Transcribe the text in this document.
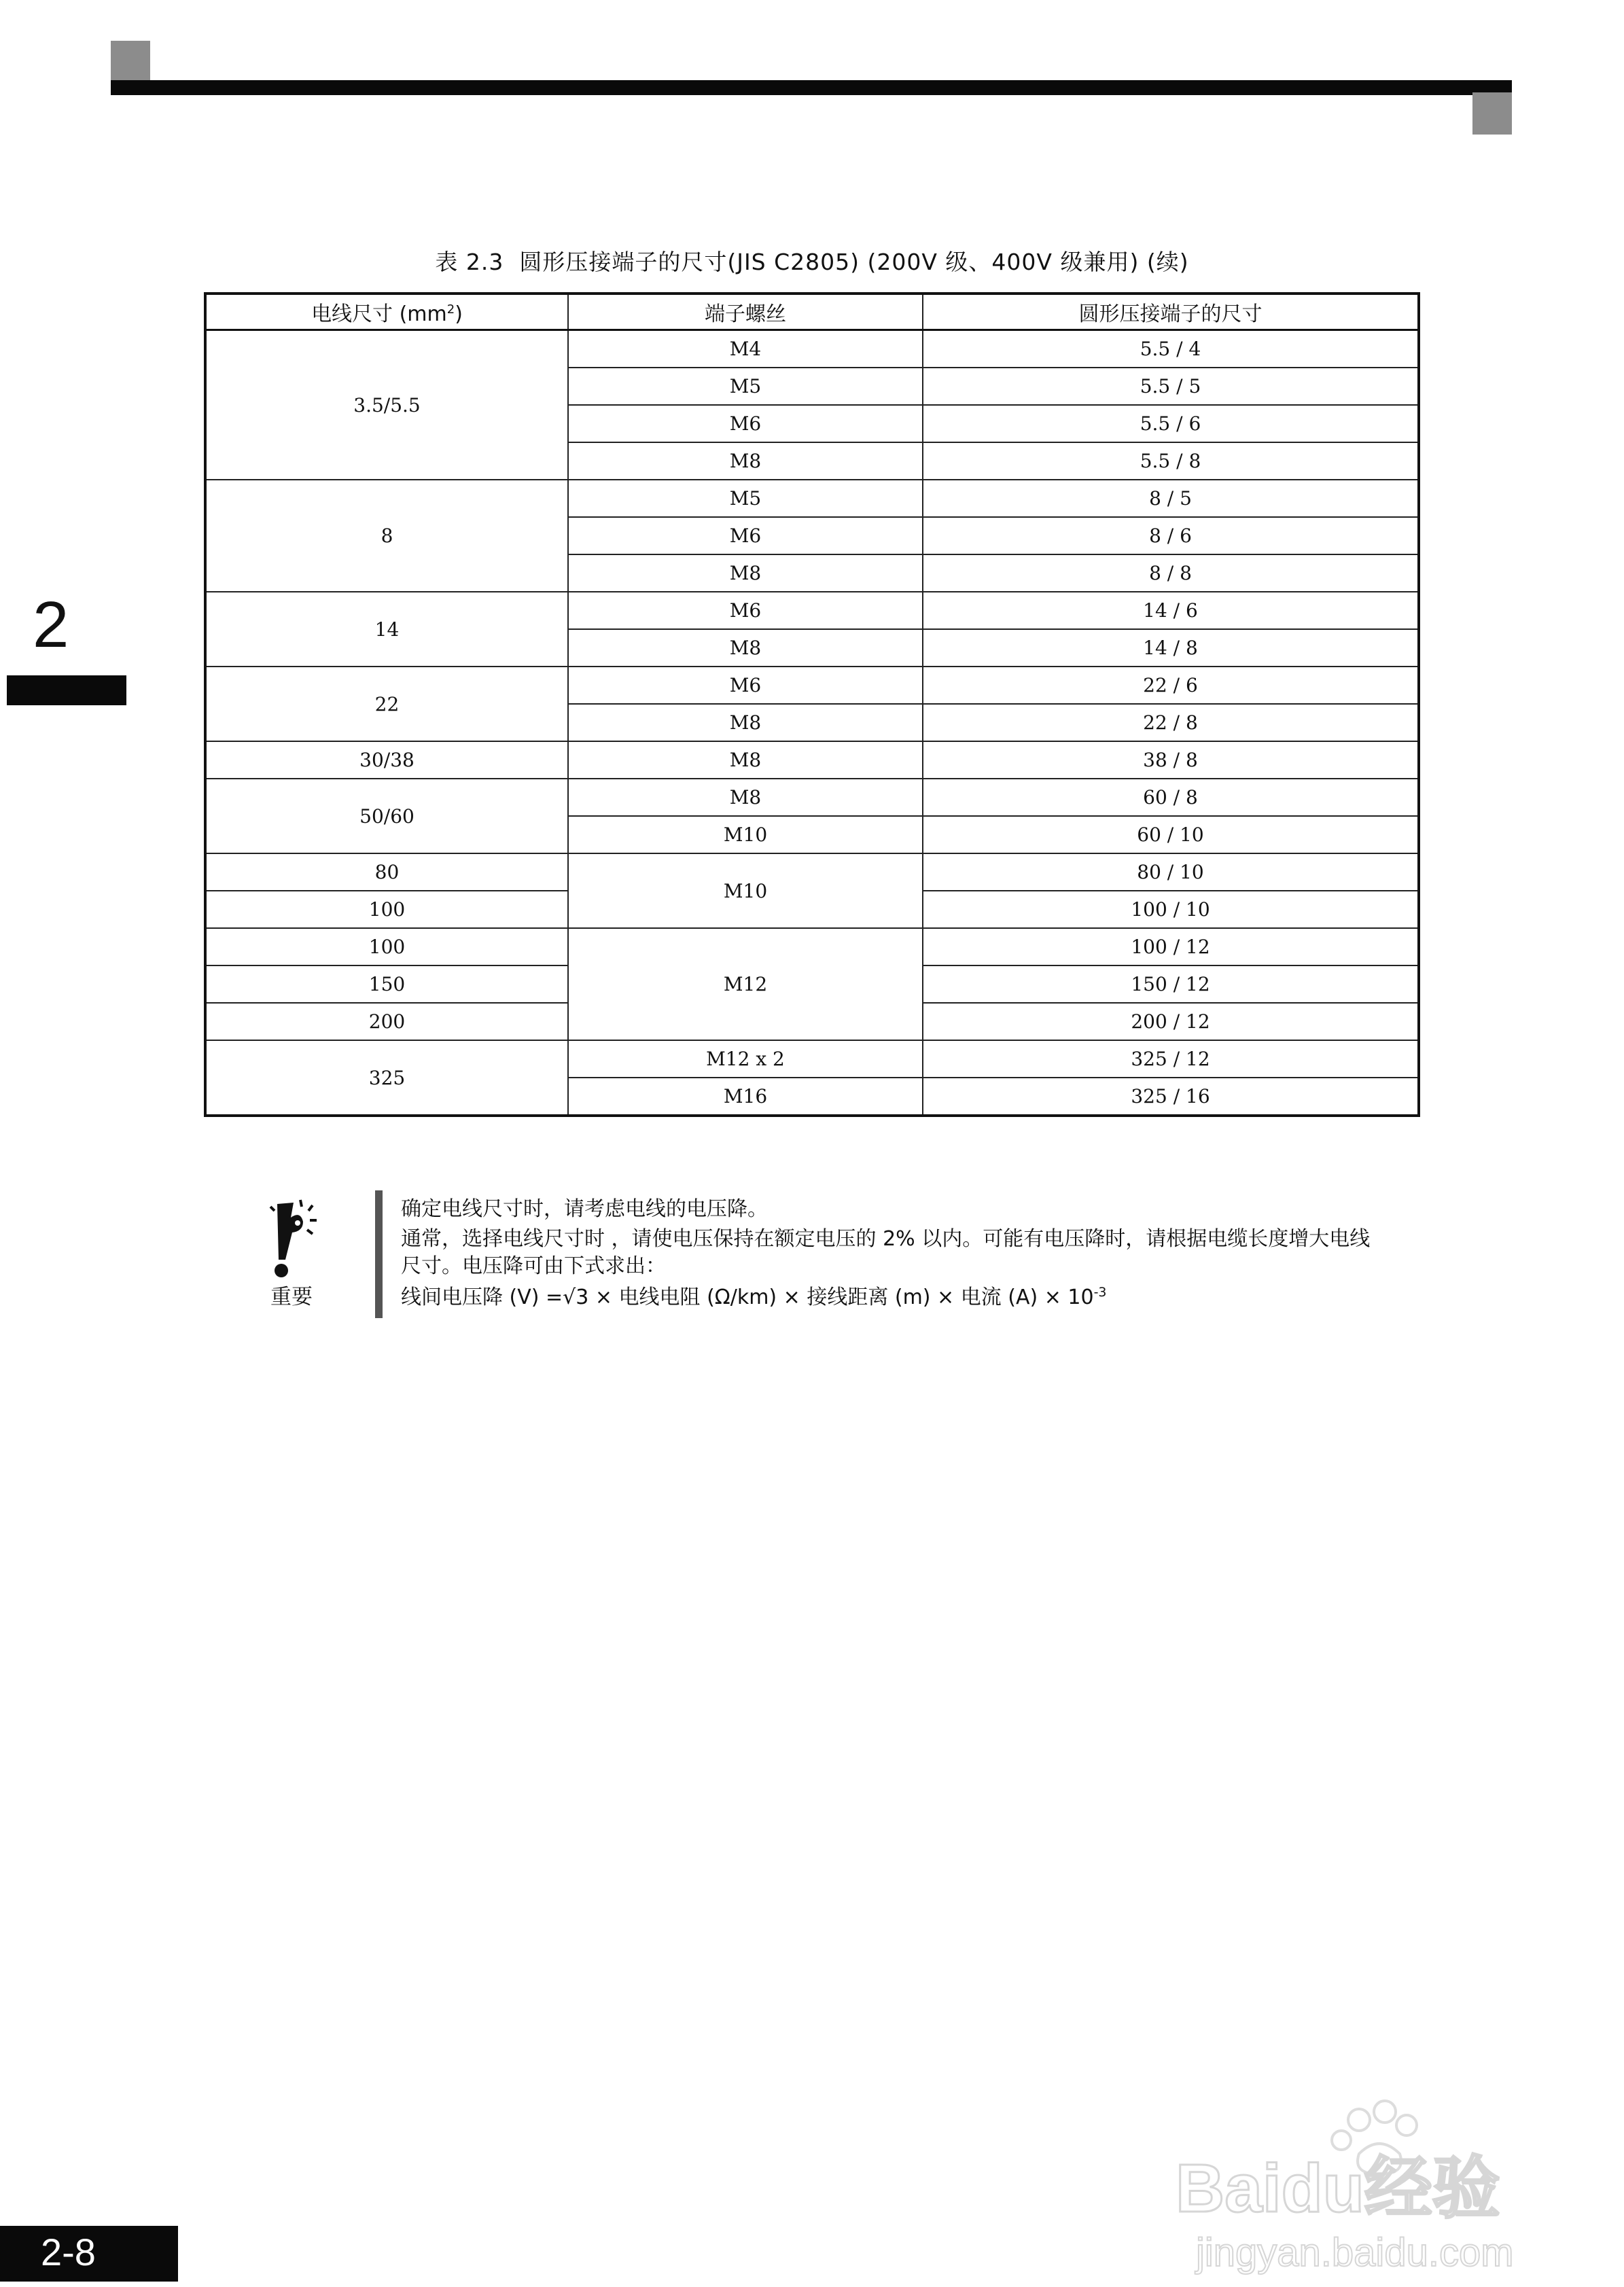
2
表 2.3  圆形压接端子的尺寸(JIS C2805) (200V 级、400V 级兼用) (续)
电线尺寸 $(mm^2)$	端子螺丝	圆形压接端子的尺寸
3.5/5.5	M4	5.5 / 4
	M5	5.5 / 5
	M6	5.5 / 6
	M8	5.5 / 8
8	M5	8 / 5
	M6	8 / 6
	M8	8 / 8
14	M6	14 / 6
	M8	14 / 8
22	M6	22 / 6
	M8	22 / 8
30/38	M8	38 / 8
50/60	M8	60 / 8
	M10	60 / 10
80	M10	80 / 10
100		100 / 10
100	M12	100 / 12
150		150 / 12
200		200 / 12
325	M12 x 2	325 / 12
	M16	325 / 16
重要
确定电线尺寸时，请考虑电线的电压降。
通常，选择电线尺寸时 ，请使电压保持在额定电压的 2% 以内。可能有电压降时，请根据电缆长度增大电线
尺寸。电压降可由下式求出：
线间电压降 (V) =√3 × 电线电阻 (Ω/km) × 接线距离 (m) × 电流 $(A) \times 10^{-3}$
2-8
Baidu经验
jingyan.baidu.com
